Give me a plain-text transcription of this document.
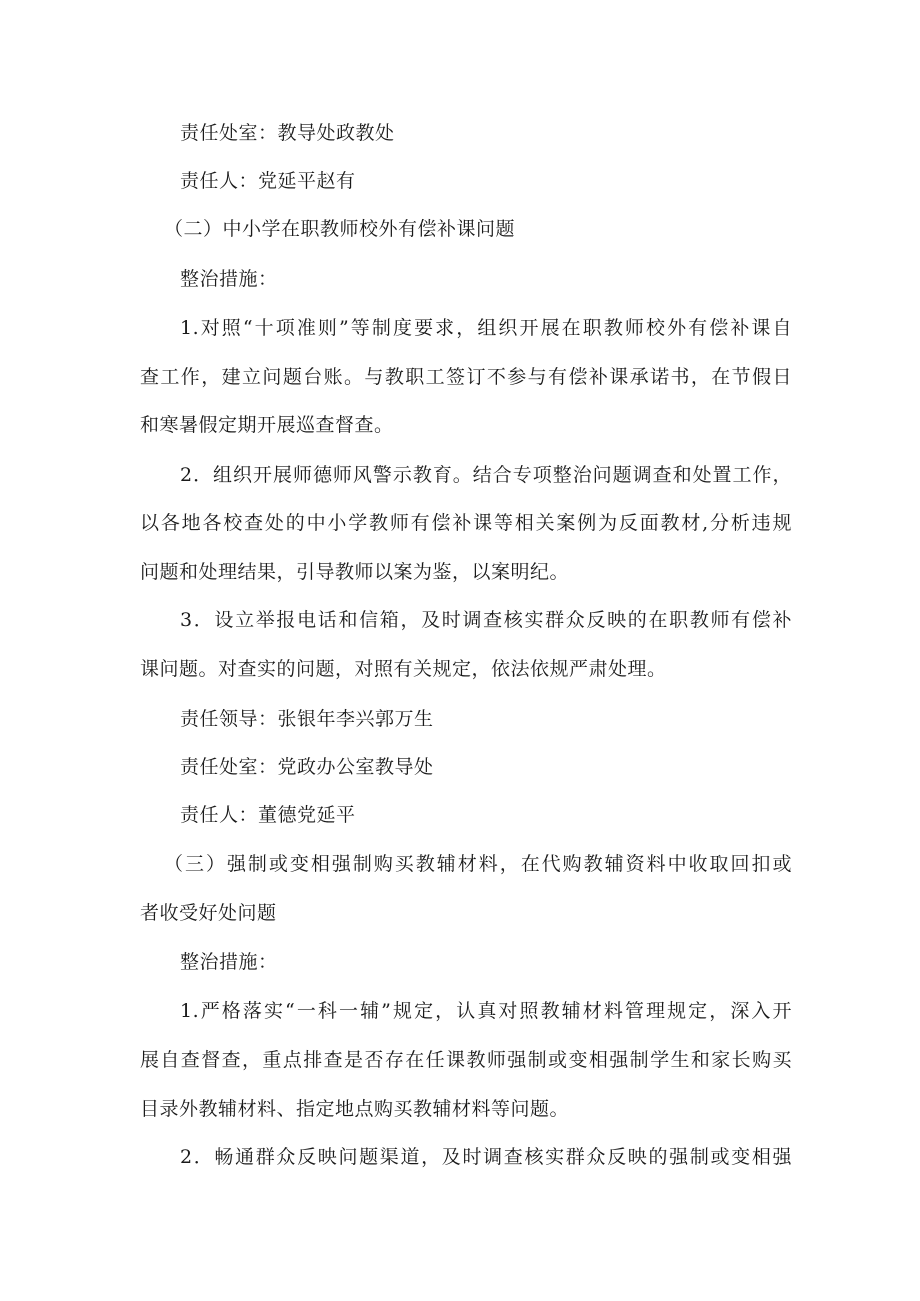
责任处室：教导处政教处

责任人：党延平赵有

（二）中小学在职教师校外有偿补课问题

整治措施：

1.对照“十项准则”等制度要求，组织开展在职教师校外有偿补课自

查工作，建立问题台账。与教职工签订不参与有偿补课承诺书，在节假日

和寒暑假定期开展巡查督查。

2．组织开展师德师风警示教育。结合专项整治问题调查和处置工作，

以各地各校查处的中小学教师有偿补课等相关案例为反面教材,分析违规

问题和处理结果，引导教师以案为鉴，以案明纪。

3．设立举报电话和信箱，及时调查核实群众反映的在职教师有偿补

课问题。对查实的问题，对照有关规定，依法依规严肃处理。

责任领导：张银年李兴郭万生

责任处室：党政办公室教导处

责任人：董德党延平

（三）强制或变相强制购买教辅材料，在代购教辅资料中收取回扣或

者收受好处问题

整治措施：

1.严格落实“一科一辅”规定，认真对照教辅材料管理规定，深入开

展自查督查，重点排查是否存在任课教师强制或变相强制学生和家长购买

目录外教辅材料、指定地点购买教辅材料等问题。

2．畅通群众反映问题渠道，及时调查核实群众反映的强制或变相强
